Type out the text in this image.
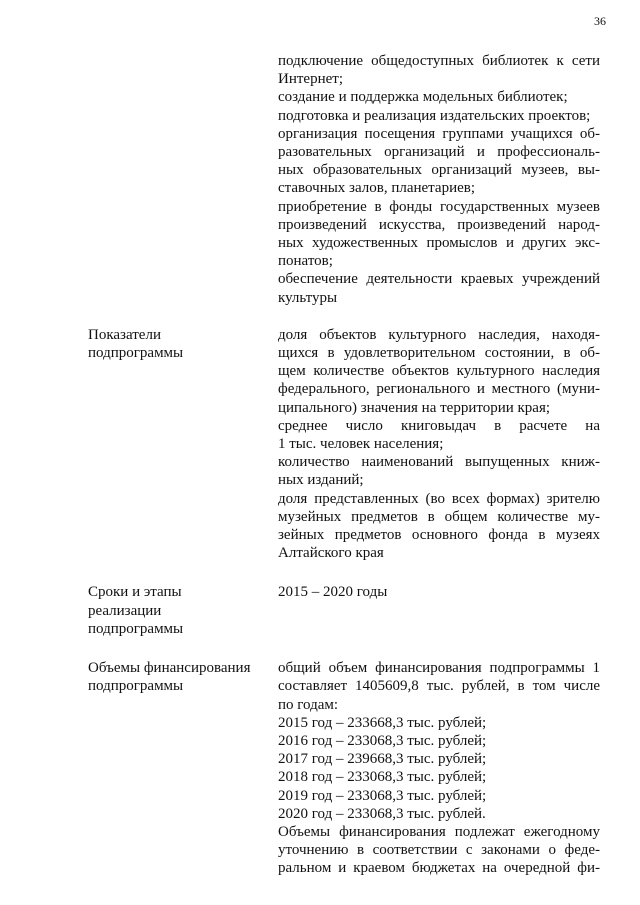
36
подключение общедоступных библиотек к сети
Интернет;
создание и поддержка модельных библиотек;
подготовка и реализация издательских проектов;
организация посещения группами учащихся об-
разовательных организаций и профессиональ-
ных образовательных организаций музеев, вы-
ставочных залов, планетариев;
приобретение в фонды государственных музеев
произведений искусства, произведений народ-
ных художественных промыслов и других экс-
понатов;
обеспечение деятельности краевых учреждений
культуры
Показатели
подпрограммы
доля объектов культурного наследия, находя-
щихся в удовлетворительном состоянии, в об-
щем количестве объектов культурного наследия
федерального, регионального и местного (муни-
ципального) значения на территории края;
среднее число книговыдач в расчете на
1 тыс. человек населения;
количество наименований выпущенных книж-
ных изданий;
доля представленных (во всех формах) зрителю
музейных предметов в общем количестве му-
зейных предметов основного фонда в музеях
Алтайского края
Сроки и этапы
реализации
подпрограммы
2015 – 2020 годы
Объемы финансирования
подпрограммы
общий объем финансирования подпрограммы 1
составляет 1405609,8 тыс. рублей, в том числе
по годам:
2015 год – 233668,3 тыс. рублей;
2016 год – 233068,3 тыс. рублей;
2017 год – 239668,3 тыс. рублей;
2018 год – 233068,3 тыс. рублей;
2019 год – 233068,3 тыс. рублей;
2020 год – 233068,3 тыс. рублей.
Объемы финансирования подлежат ежегодному
уточнению в соответствии с законами о феде-
ральном и краевом бюджетах на очередной фи-
